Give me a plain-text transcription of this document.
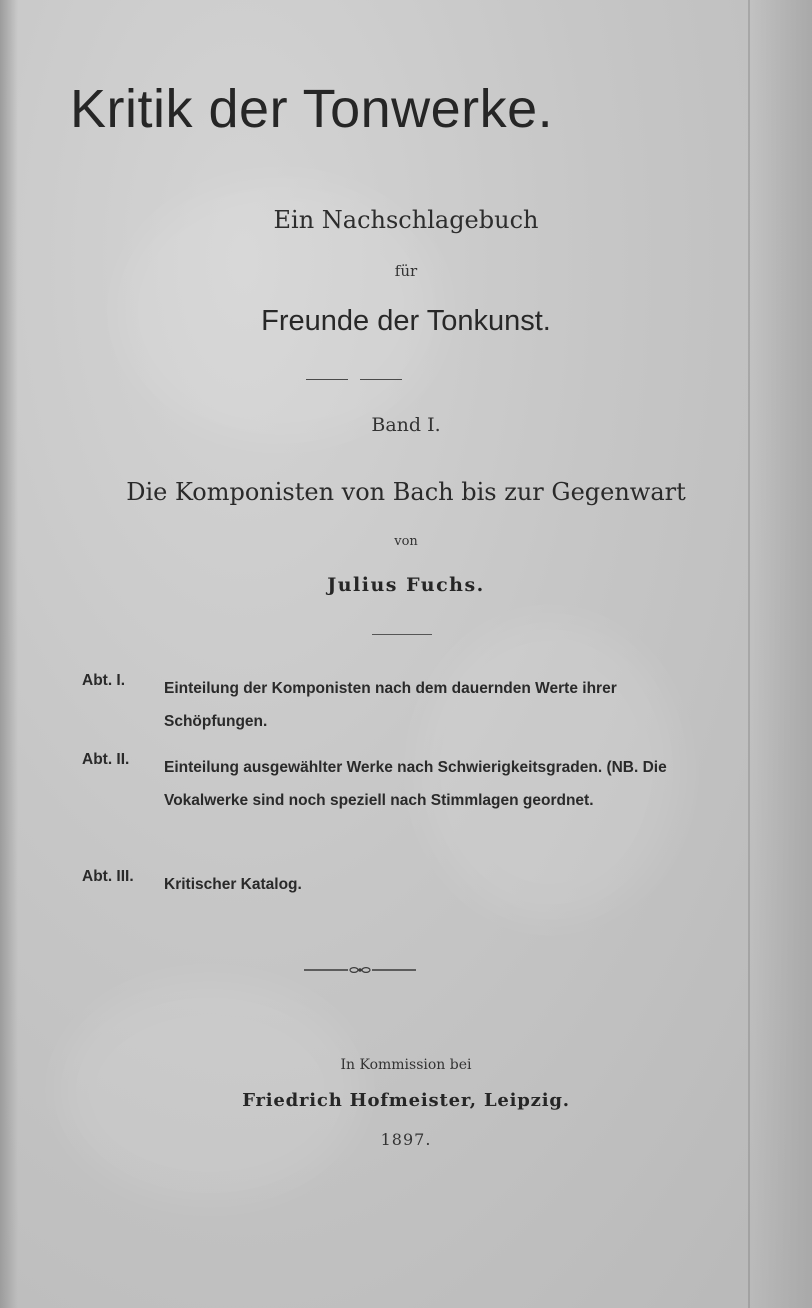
Kritik der Tonwerke.
Ein Nachschlagebuch
für
Freunde der Tonkunst.
Band I.
Die Komponisten von Bach bis zur Gegenwart
von
Julius Fuchs.
Abt. I.	Einteilung der Komponisten nach dem dauernden Werte ihrer Schöpfungen.
Abt. II.	Einteilung ausgewählter Werke nach Schwierigkeitsgraden. (NB. Die Vokalwerke sind noch speziell nach Stimmlagen geordnet.
Abt. III.	Kritischer Katalog.
In Kommission bei
Friedrich Hofmeister, Leipzig.
1897.
